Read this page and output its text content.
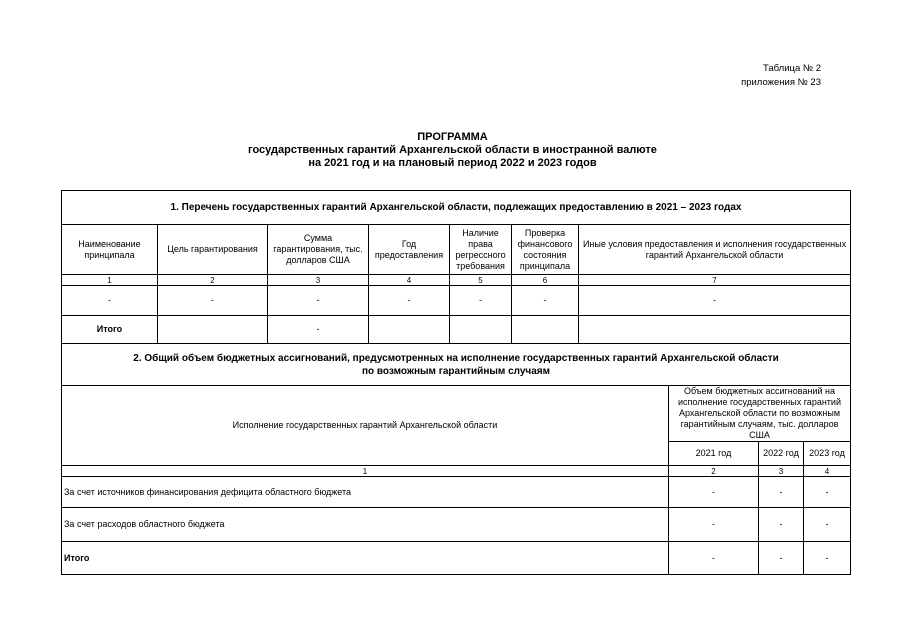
Таблица № 2
приложения № 23
ПРОГРАММА
государственных гарантий Архангельской области в иностранной валюте
на 2021 год и на плановый период 2022 и 2023 годов
1. Перечень государственных гарантий Архангельской области, подлежащих предоставлению в 2021 – 2023 годах									
Наименование принципала	Цель гарантирования	Сумма гарантирования, тыс. долларов США	Год предоставления	Наличие права регрессного требования	Проверка финансового состояния принципала	Иные условия предоставления и исполнения государственных гарантий Архангельской области			
1	2	3	4	5	6	7			
-	-	-	-	-	-	-			
Итого		-							

2. Общий объем бюджетных ассигнований, предусмотренных на исполнение государственных гарантий Архангельской области
по возможным гарантийным случаям									

Исполнение государственных гарантий Архангельской области							Объем бюджетных ассигнований на исполнение государственных гарантий Архангельской области по возможным гарантийным случаям, тыс. долларов США		
							2021 год	2022 год	2023 год
1							2	3	4
За счет источников финансирования дефицита областного бюджета							-	-	-
За счет расходов областного бюджета							-	-	-
Итого							-	-	-
